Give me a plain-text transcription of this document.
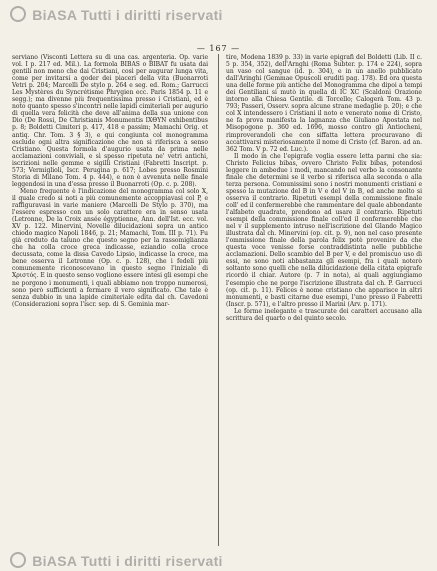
BiASA Tutti i diritti riservati
— 167 —

serviano (Visconti Lettera su di una cas. argenteria. Op. varie vol. I p. 217 ed. Mil.). La formola BIBAS o BIBAT fu usata dai gentili non meno che dai Cristiani, così per augurar lunga vita, come per invitarsi a goder dei piaceri della vita (Buonarroti Vetri p. 204; Marcelli De stylo p. 264 e seg. ed. Rom.; Garrucci Les Mystères du Syncrétisme Phrygien ecc. Paris 1854 p. 11 e segg.); ma divenne più frequentissima presso i Cristiani, ed è noto quanto spesso s'incontri nelle lapidi cimiteriali per augurio di quella vera felicità che deve all'anima della sua unione con Dio (De Rossi, De Christianis Monumentis ΙΧΘΥΝ exhibentibus p. 8; Boldetti Cimiteri p. 417, 418 e passim; Mamachi Orig. et antiq. Chr. Tom. 3 § 3), e qui congiunta col monogramma esclude ogni altra significazione che non si riferisca a senso Cristiano. Questa formola d'augurio usata da prima nelle acclamazioni conviviali, e sì spesso ripetuta ne' vetri antichi, iscrizioni nelle gemme e sigilli Cristiani (Fabretti Inscript. p. 573; Vermiglioli, Iscr. Perugina p. 617; Lobes presso Rosmini Storia di Milano Tom. 4 p. 444), e non è avvenuta nelle finale leggendosi in una d'essa presso il Buonarroti (Op. c. p. 208).

Meno frequente è l'indicazione del monogramma col solo X, il quale credo si noti a più comunemente accoppiavasi col P, e raffiguravasi in varie maniere (Marcelli De Stylo p. 370), ma l'essere espresso con un solo carattere era in senso usata (Letronne, De la Croix ansée égyptienne, Ann. dell'Ist. ecc. vol. XV p. 122. Minervini, Novelle dilucidazioni sopra un antico chiodo magico Napoli 1846, p. 21; Mamachi, Tom. III p. 71). Fu già creduto da taluno che questo segno per la rassomiglianza che ha colla croce greca indicasse, eziandio colla croce decussata, come la dissa Cavedo Lipsio, indicasse la croce, ma bene osserva il Letronne (Op. c. p. 128), che i fedeli più comunemente riconoscevano in questo segno l'iniziale di Χριστός. E in questo senso vogliono essere intesi gli esempi che ne porgono i monumenti, i quali abbiamo non troppo numerosi, sono però sufficienti a fermare il vero significato. Che tale è senza dubbio in una lapide cimiteriale edita dal ch. Cavedoni (Considerazioni sopra l'iscr. sep. di S. Geminia mar-

tire, Modena 1839 p. 33) in varie epigrafi del Boldetti (Lib. II c. 5 p. 354, 352), dell'Arnghi (Roma Subter. p. 174 e 224), sopra un vaso col sangue (id. p. 304), e in un anello pubblicato dall'Aringhi (Gemmae Opuscoli eruditi pag. 178). Ed ora questa una delle forme più antiche del Monogramma che dipoi a tempi dei Gentiliani si mutò in quella di IC XC (Scaldoni Orazione intorno alla Chiesa Gentile. di Torcello; Calogerà Tom. 43 p. 793; Passeri, Osserv. sopra alcune strane medaglie p. 20); e che col X intendessero i Cristiani il noto e venerato nome di Cristo, ne fa prova manifesta la lagnanza che Giuliano Apostata nel Misopogone p. 360 ed. 1696, mosso contro gli Antiocheni, rimproverandoli che con siffatta lettera procuravano di accattivarsi misteriosamente il nome di Cristo (cf. Baron. ad an. 362 Tom. V p. 72 ed. Luc.).

Il modo in che l'epigrafe voglia essere letta parmi che sia: Christo Felicius bibas, ovvero Christo Felix bibas, potendosi leggere in ambedue i modi, mancando nel verbo la consonante finale che determini se il verbo si riferisca alla seconda o alla terza persona. Comunissimi sono i nostri monumenti cristiani e spesso la mutazione del B in V e del V in B, ed anche molto si osserva il contrario. Ripetuti esempi della commissione finale coll' ed il confermerebbe che rammentare del quale abbondante l'alfabeto quadrate, prendono ad usare il contrario. Ripetuti esempi della commissione finale coll'ed il confermerebbe che nel v il supplemento intruso nell'iscrizione del Glando Magico illustrata dal ch. Minervini (op. cit. p. 9), non nel caso presente l'ommissione finale della parola felix potè provenire da che questa voce venisse forse contraddistinta nelle pubbliche acclamazioni. Dello scambio del B per V, e del promiscuo uso di essi, ne sono noti abbastanza gli esempi, fra i quali noterò soltanto sono quelli che nella dilucidazione della citata epigrafe ricordò il chiar. Autore (p. 7 in nota), ai quali aggiungiamo l'esempio che ne porge l'iscrizione illustrata dal ch. P. Garrucci (op. cit. p. 11). Felices è nome cristiano che apparisce in altri monumenti, e basti citarne due esempi, l'uno presso il Fabretti (Inscr. p. 571), e l'altro presso il Marini (Arv. p. 171).

Le forme inelegante e trascurate dei caratteri accusano alla scrittura del quarto o del quinto secolo.

BiASA Tutti i diritti riservati
